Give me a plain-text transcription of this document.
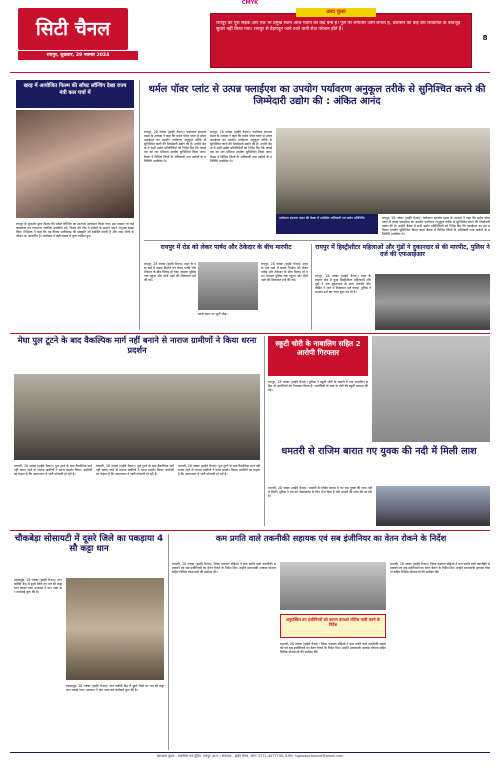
CMYK
सिटी चैनल
रायपुर, शुक्रवार, 29 नवम्बर 2024
उल्टा पुल्टा
रायपुर की पूरी सड़कें और एक भी प्रमुख स्थान आज गंदगी का केंद्र बना है। पुल पर लगातार जाम लगता है, प्रशासन को कई बार शिकायत के बावजूद सुधार नहीं किया गया। रायपुर से देहरादून जाने वाले यात्री रोज़ परेशान होते हैं।
8
खरड़ में आयोजित फिल्म की सॉफ्ट लॉन्चिंग देखा राज्य मंत्री कल चर्चा में
रायपुर के दूरदर्शन द्वारा फिल्म की सॉफ्ट लॉन्चिंग का शानदार आयोजन किया गया। इस अवसर पर कई कलाकार एवं गणमान्य नागरिक उपस्थित रहे। फिल्म की टीम ने दर्शकों के सामने अपने अनुभव साझा किए। निर्देशक ने कहा कि यह फिल्म छत्तीसगढ़ की संस्कृति को प्रदर्शित करती है और आम लोगों के जीवन पर आधारित है। कार्यक्रम में बड़ी संख्या में युवा शामिल हुए।
थर्मल पॉवर प्लांट से उत्पन्न फ्लाईएश का उपयोग पर्यावरण अनुकूल तरीके से सुनिश्चित करने की जिम्मेदारी उद्योग की : अंकित आनंद
रायपुर, 28 नवंबर (हाईवे चैनल)। पर्यावरण संरक्षण मंडल के अध्यक्ष ने कहा कि थर्मल पॉवर प्लांट से उत्पन्न फ्लाईएश का उपयोग पर्यावरण अनुकूल तरीके से सुनिश्चित करने की जिम्मेदारी उद्योग की है। उन्होंने बैठक में सभी उद्योग प्रतिनिधियों को निर्देश दिए कि फ्लाईएश का शत प्रतिशत उपयोग सुनिश्चित किया जाए। बैठक में विभिन्न जिलों के अधिकारी तथा उद्योगों के प्रतिनिधि उपस्थित थे।
रायपुर, 28 नवंबर (हाईवे चैनल)। पर्यावरण संरक्षण मंडल के अध्यक्ष ने कहा कि थर्मल पॉवर प्लांट से उत्पन्न फ्लाईएश का उपयोग पर्यावरण अनुकूल तरीके से सुनिश्चित करने की जिम्मेदारी उद्योग की है। उन्होंने बैठक में सभी उद्योग प्रतिनिधियों को निर्देश दिए कि फ्लाईएश का शत प्रतिशत उपयोग सुनिश्चित किया जाए। बैठक में विभिन्न जिलों के अधिकारी तथा उद्योगों के प्रतिनिधि उपस्थित थे।
पर्यावरण संरक्षण मंडल की बैठक में उपस्थित अधिकारी एवं उद्योग प्रतिनिधि।	रायपुर, 28 नवंबर (हाईवे चैनल)। पर्यावरण संरक्षण मंडल के अध्यक्ष ने कहा कि थर्मल पॉवर प्लांट से उत्पन्न फ्लाईएश का उपयोग पर्यावरण अनुकूल तरीके से सुनिश्चित करने की जिम्मेदारी उद्योग की है। उन्होंने बैठक में सभी उद्योग प्रतिनिधियों को निर्देश दिए कि फ्लाईएश का शत प्रतिशत उपयोग सुनिश्चित किया जाए। बैठक में विभिन्न जिलों के अधिकारी तथा उद्योगों के प्रतिनिधि उपस्थित थे।
रायपुर में रोड को लेकर पार्षद और ठेकेदार के बीच मारपीट
रायपुर, 28 नवंबर (हाईवे चैनल)। शहर के एक वार्ड में सड़क निर्माण को लेकर पार्षद और ठेकेदार के बीच विवाद हो गया। मामला पुलिस तक पहुंचा और दोनों पक्षों की शिकायत दर्ज की गई।
घटना स्थल पर जुटी भीड़।
रायपुर, 28 नवंबर (हाईवे चैनल)। शहर के एक वार्ड में सड़क निर्माण को लेकर पार्षद और ठेकेदार के बीच विवाद हो गया। मामला पुलिस तक पहुंचा और दोनों पक्षों की शिकायत दर्ज की गई।
रायपुर में हिस्ट्रीशीटर महिलाओं और गुंडों ने दुकानदार से की मारपीट, पुलिस ने दर्ज की एफआईआर
रायपुर, 28 नवंबर (हाईवे चैनल)। शहर के बाजार क्षेत्र में कुछ हिस्ट्रीशीटर महिलाओं और गुंडों ने एक दुकानदार के साथ मारपीट की। पीड़ित ने थाने में शिकायत दर्ज कराई, पुलिस ने मामला दर्ज कर जांच शुरू कर दी है।
मेघा पुल टूटने के बाद वैकल्पिक मार्ग नहीं बनाने से नाराज ग्रामीणों ने किया धरना प्रदर्शन
धमतरी, 28 नवंबर (हाईवे चैनल)। पुल टूटने के बाद वैकल्पिक मार्ग नहीं बनाए जाने से नाराज ग्रामीणों ने धरना प्रदर्शन किया। ग्रामीणों का कहना है कि आवागमन में भारी परेशानी हो रही है।
धमतरी, 28 नवंबर (हाईवे चैनल)। पुल टूटने के बाद वैकल्पिक मार्ग नहीं बनाए जाने से नाराज ग्रामीणों ने धरना प्रदर्शन किया। ग्रामीणों का कहना है कि आवागमन में भारी परेशानी हो रही है।
धमतरी, 28 नवंबर (हाईवे चैनल)। पुल टूटने के बाद वैकल्पिक मार्ग नहीं बनाए जाने से नाराज ग्रामीणों ने धरना प्रदर्शन किया। ग्रामीणों का कहना है कि आवागमन में भारी परेशानी हो रही है।
स्कूटी चोरी के नाबालिग सहित 2 आरोपी गिरफ्तार
रायपुर, 28 नवंबर (हाईवे चैनल)। पुलिस ने स्कूटी चोरी के मामले में एक नाबालिग सहित दो आरोपियों को गिरफ्तार किया है। आरोपियों के पास से चोरी की स्कूटी बरामद की गई।
धमतरी से राजिम बारात गए युवक की नदी में मिली लाश
धमतरी, 28 नवंबर (हाईवे चैनल)। धमतरी से राजिम बारात में गए एक युवक की लाश नदी में मिली। पुलिस ने शव को पोस्टमार्टम के लिए भेज दिया है और मामले की जांच की जा रही है।
चौकबेड़ा सोसायटी में दूसरे जिले का पकड़ाया 4 सौ कट्टा धान
महासमुंद, 28 नवंबर (हाईवे चैनल)। धान खरीदी केंद्र में दूसरे जिले का चार सौ कट्टा धान पकड़ा गया। प्रशासन ने धान जब्त कर कार्रवाई शुरू की है।
महासमुंद, 28 नवंबर (हाईवे चैनल)। धान खरीदी केंद्र में दूसरे जिले का चार सौ कट्टा धान पकड़ा गया। प्रशासन ने धान जब्त कर कार्रवाई शुरू की है।
कम प्रगति वाले तकनीकी सहायक एवं सब इंजीनियर का वेतन रोकने के निर्देश
धमतरी, 28 नवंबर (हाईवे चैनल)। जिला पंचायत सीईओ ने कम प्रगति वाले तकनीकी सहायकों एवं सब इंजीनियरों का वेतन रोकने के निर्देश दिए। उन्होंने प्रधानमंत्री आवास योजना सहित विभिन्न योजनाओं की समीक्षा की।
धमतरी, 28 नवंबर (हाईवे चैनल)। जिला पंचायत सीईओ ने कम प्रगति वाले तकनीकी सहायकों एवं सब इंजीनियरों का वेतन रोकने के निर्देश दिए। उन्होंने प्रधानमंत्री आवास योजना सहित विभिन्न योजनाओं की समीक्षा की।
अनुपस्थित उप इंजीनियरों को कारण बताओ नोटिस जारी करने के निर्देश
धमतरी, 28 नवंबर (हाईवे चैनल)। जिला पंचायत सीईओ ने कम प्रगति वाले तकनीकी सहायकों एवं सब इंजीनियरों का वेतन रोकने के निर्देश दिए। उन्होंने प्रधानमंत्री आवास योजना सहित विभिन्न योजनाओं की समीक्षा की।
प्रकाशक मुद्रक - प्रकाशित एवं मुद्रित, रायपुर (छ.ग.) संपादक - हाईवे चैनल, फोन: 0771-4077740, ई-मेल: highwaychannel@gmail.com
